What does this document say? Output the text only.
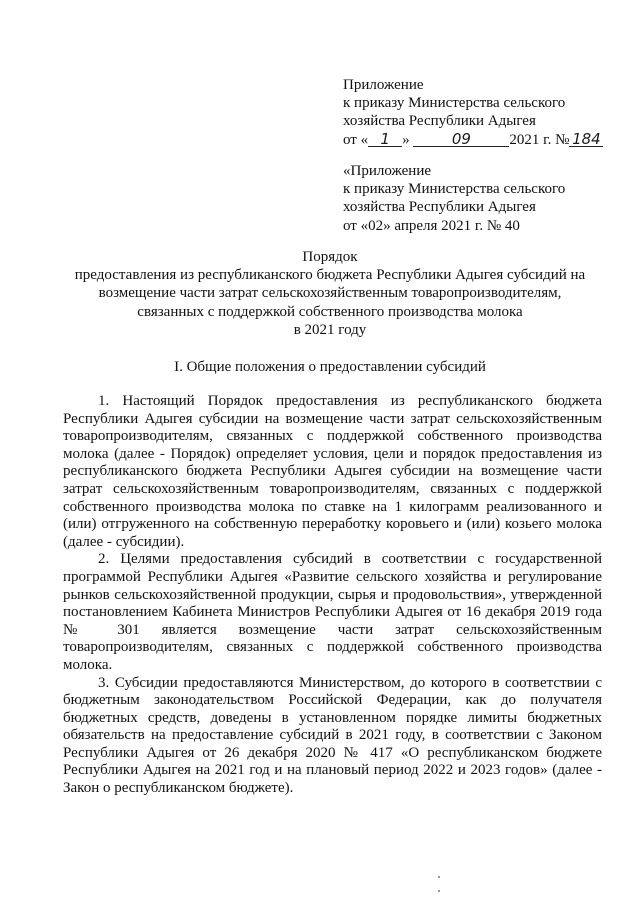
Приложение
к приказу Министерства сельского
хозяйства Республики Адыгея
от « 1 »	09	2021 г. № 184
«Приложение
к приказу Министерства сельского
хозяйства Республики Адыгея
от «02» апреля 2021 г. № 40
Порядок
предоставления из республиканского бюджета Республики Адыгея субсидий на
возмещение части затрат сельскохозяйственным товаропроизводителям,
связанных с поддержкой собственного производства молока
в 2021 году
I. Общие положения о предоставлении субсидий

1. Настоящий Порядок предоставления из республиканского бюджета Республики Адыгея субсидии на возмещение части затрат сельскохозяйственным товаропроизводителям, связанных с поддержкой собственного производства молока (далее - Порядок) определяет условия, цели и порядок предоставления из республиканского бюджета Республики Адыгея субсидии на возмещение части затрат сельскохозяйственным товаропроизводителям, связанных с поддержкой собственного производства молока по ставке на 1 килограмм реализованного и (или) отгруженного на собственную переработку коровьего и (или) козьего молока (далее - субсидии).

2. Целями предоставления субсидий в соответствии с государственной программой Республики Адыгея «Развитие сельского хозяйства и регулирование рынков сельскохозяйственной продукции, сырья и продовольствия», утвержденной постановлением Кабинета Министров Республики Адыгея от 16 декабря 2019 года № 301 является возмещение части затрат сельскохозяйственным товаропроизводителям, связанных с поддержкой собственного производства молока.

3. Субсидии предоставляются Министерством, до которого в соответствии с бюджетным законодательством Российской Федерации, как до получателя бюджетных средств, доведены в установленном порядке лимиты бюджетных обязательств на предоставление субсидий в 2021 году, в соответствии с Законом Республики Адыгея от 26 декабря 2020 № 417 «О республиканском бюджете Республики Адыгея на 2021 год и на плановый период 2022 и 2023 годов» (далее - Закон о республиканском бюджете).
